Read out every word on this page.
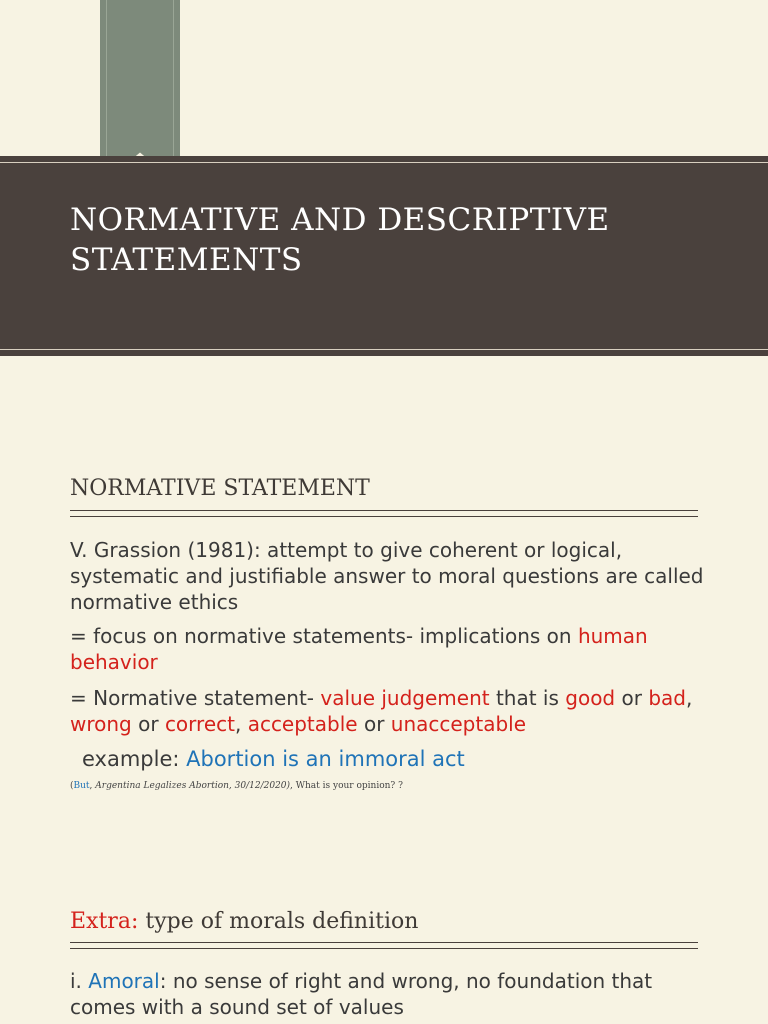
NORMATIVE AND DESCRIPTIVE STATEMENTS
NORMATIVE STATEMENT

V. Grassion (1981): attempt to give coherent or logical, systematic and justifiable answer to moral questions are called normative ethics

= focus on normative statements- implications on human behavior

= Normative statement- value judgement that is good or bad, wrong or correct, acceptable or unacceptable

example: Abortion is an immoral act

(But, Argentina Legalizes Abortion, 30/12/2020), What is your opinion? ?
Extra: type of morals definition

i. Amoral: no sense of right and wrong, no foundation that comes with a sound set of values
